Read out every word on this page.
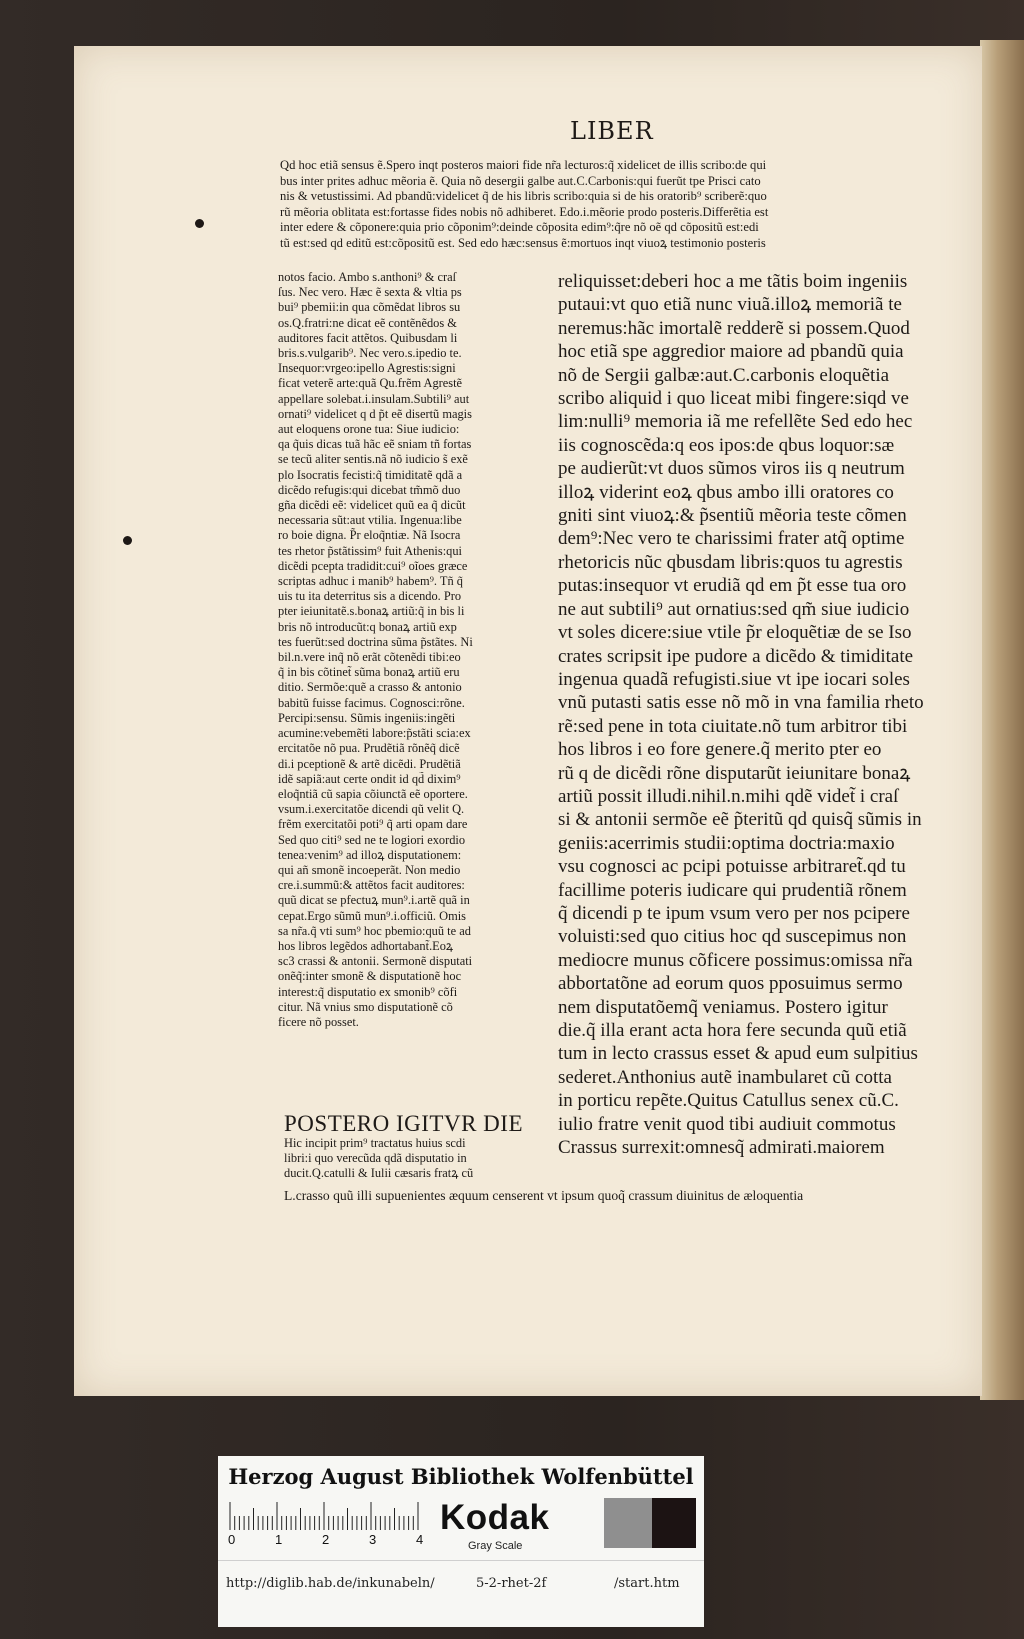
LIBER
Qd hoc etiã sensus ẽ.Spero inqt posteros maiori fide nr̃a lecturos:q̃ xidelicet de illis scribo:de qui
bus inter prites adhuc mẽoria ẽ. Quia nõ desergii galbe aut.C.Carbonis:qui fuerũt tpe Prisci cato
nis & vetustissimi. Ad pbandũ:videlicet q̃ de his libris scribo:quia si de his oratorib⁹ scriberẽ:quo
rũ mẽoria oblitata est:fortasse fides nobis nõ adhiberet. Edo.i.mẽorie prodo posteris.Differẽtia est
inter edere & cõponere:quia prio cõponim⁹:deinde cõposita edim⁹:q̃re nõ oẽ qd cõpositũ est:edi
tũ est:sed qd editũ est:cõpositũ est. Sed edo hæc:sensus ẽ:mortuos inqt viuoꝝ testimonio posteris
notos facio. Ambo s.anthoni⁹ & craſ
ſus. Nec vero. Hæc ẽ sexta & vltia ps
bui⁹ pbemii:in qua cõmẽdat libros su
os.Q.fratri:ne dicat eẽ contẽnẽdos &
auditores facit attẽtos. Quibusdam li
bris.s.vulgarib⁹. Nec vero.s.ipedio te.
Insequor:vrgeo:ipello Agrestis:signi
ficat veterẽ arte:quã Qu.frẽm Agrestẽ
appellare solebat.i.insulam.Subtili⁹ aut
ornati⁹ videlicet q d p̃t eẽ disertũ magis
aut eloquens orone tua: Siue iudicio:
qa q̃uis dicas tuã hãc eẽ sniam tñ fortas
se tecũ aliter sentis.nã nõ iudicio s̃ exẽ
plo Isocratis fecisti:q̃ timiditatẽ qdã a
dicẽdo refugis:qui dicebat tm̃mõ duo
gña dicẽdi eẽ: videlicet quũ ea q̃ dicũt
necessaria sũt:aut vtilia. Ingenua:libe
ro boie digna. P̃r eloq̃ntiæ. Nã Isocra
tes rhetor p̃stãtissim⁹ fuit Athenis:qui
dicẽdi pcepta tradidit:cui⁹ oĩoes græce
scriptas adhuc i manib⁹ habem⁹. Tñ q̃
uis tu ita deterritus sis a dicendo. Pro
pter ieiunitatẽ.s.bonaꝝ artiũ:q̃ in bis li
bris nõ introducũt:q bonaꝝ artiũ exp
tes fuerũt:sed doctrina sũma p̃stãtes. Ni
bil.n.vere inq̃ nõ erãt cõtenẽdi tibi:eo
q̃ in bis cõtinet̃ sũma bonaꝝ artiũ eru
ditio. Sermõe:quẽ a crasso & antonio
babitũ fuisse facimus. Cognosci:rõne.
Percipi:sensu. Sũmis ingeniis:ingẽti
acumine:vebemẽti labore:p̃stãti scia:ex
ercitatõe nõ pua. Prudẽtiã rõnẽq̃ dicẽ
di.i pceptionẽ & artẽ dicẽdi. Prudẽtiã
idẽ sapiã:aut certe ondit id qd̃ dixim⁹
eloq̃ntiã cũ sapia cõiunctã eẽ oportere.
vsum.i.exercitatõe dicendi qũ velit Q.
frẽm exercitatõi poti⁹ q̃ arti opam dare
Sed quo citi⁹ sed ne te logiori exordio
tenea:venim⁹ ad illoꝝ disputationem:
qui añ smonẽ incoeperãt. Non medio
cre.i.summũ:& attẽtos facit auditores:
quũ dicat se pfectuꝝ mun⁹.i.artẽ quã in
cepat.Ergo sũmũ mun⁹.i.officiũ. Omis
sa nr̃a.q̃ vti sum⁹ hoc pbemio:quũ te ad
hos libros legẽdos adhortabant̃.Eoꝝ
sc3 crassi & antonii. Sermonẽ disputati
onẽq̃:inter smonẽ & disputationẽ hoc
interest:q̃ disputatio ex smonib⁹ cõfi
citur. Nã vnius smo disputationẽ cõ
ficere nõ posset.
reliquisset:deberi hoc a me tãtis boim ingeniis
putaui:vt quo etiã nunc viuã.illoꝝ memoriã te
neremus:hãc imortalẽ redderẽ si possem.Quod
hoc etiã spe aggredior maiore ad pbandũ quia
nõ de Sergii galbæ:aut.C.carbonis eloquẽtia
scribo aliquid i quo liceat mibi fingere:siqd ve
lim:nulli⁹ memoria iã me refellẽte Sed edo hec
iis cognoscẽda:q eos ipos:de qbus loquor:sæ
pe audierũt:vt duos sũmos viros iis q neutrum
illoꝝ viderint eoꝝ qbus ambo illi oratores co
gniti sint viuoꝝ:& p̃sentiũ mẽoria teste cõmen
dem⁹:Nec vero te charissimi frater atq̃ optime
rhetoricis nũc qbusdam libris:quos tu agrestis
putas:insequor vt erudiã qd em p̃t esse tua oro
ne aut subtili⁹ aut ornatius:sed qm̃ siue iudicio
vt soles dicere:siue vtile p̃r eloquẽtiæ de se Iso
crates scripsit ipe pudore a dicẽdo & timiditate
ingenua quadã refugisti.siue vt ipe iocari soles
vnũ putasti satis esse nõ mõ in vna familia rheto
rẽ:sed pene in tota ciuitate.nõ tum arbitror tibi
hos libros i eo fore genere.q̃ merito pter eo
rũ q de dicẽdi rõne disputarũt ieiunitare bonaꝝ
artiũ possit illudi.nihil.n.mihi qdẽ videt̃ i craſ
si & antonii sermõe eẽ p̃teritũ qd quisq̃ sũmis in
geniis:acerrimis studii:optima doctria:maxio
vsu cognosci ac pcipi potuisse arbitraret̃.qd tu
facillime poteris iudicare qui prudentiã rõnem
q̃ dicendi p te ipum vsum vero per nos pcipere
voluisti:sed quo citius hoc qd suscepimus non
mediocre munus cõficere possimus:omissa nr̃a
abbortatõne ad eorum quos pposuimus sermo
nem disputatõemq̃ veniamus. Postero igitur
die.q̃ illa erant acta hora fere secunda quũ etiã
tum in lecto crassus esset & apud eum sulpitius
sederet.Anthonius autẽ inambularet cũ cotta
in porticu repẽte.Quitus Catullus senex cũ.C.
iulio fratre venit quod tibi audiuit commotus
Crassus surrexit:omnesq̃ admirati.maiorem
POSTERO IGITVR DIE
Hic incipit prim⁹ tractatus huius scdi
libri:i quo verecũda qdã disputatio in
ducit.Q.catulli & Iulii cæsaris fratꝝ cũ
L.crasso quũ illi supuenientes æquum censerent vt ipsum quoq̃ crassum diuinitus de æloquentia
Herzog August Bibliothek Wolfenbüttel
0	1	2	3	4
Kodak
Gray Scale
http://diglib.hab.de/inkunabeln/	5-2-rhet-2f	/start.htm
